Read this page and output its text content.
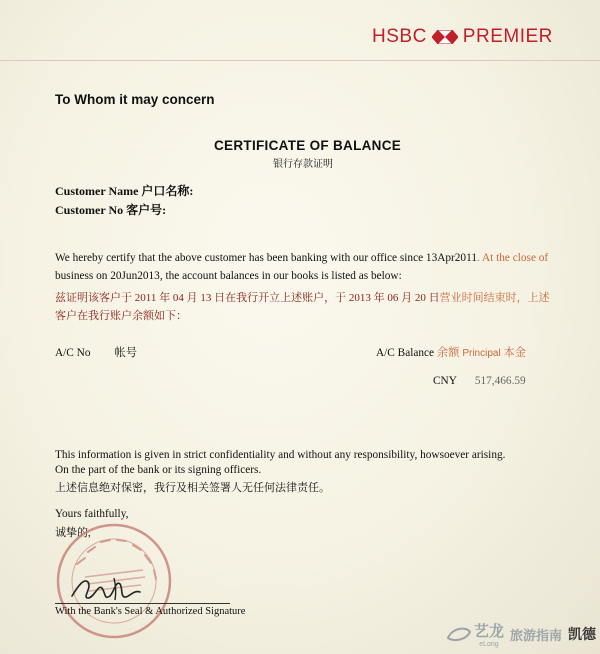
HSBC PREMIER
To Whom it may concern
CERTIFICATE OF BALANCE
银行存款证明
Customer Name 户口名称:
Customer No 客户号:
We hereby certify that the above customer has been banking with our office since 13Apr2011. At the close of
business on 20Jun2013, the account balances in our books is listed as below:
兹证明该客户于 2011 年 04 月 13 日在我行开立上述账户，于 2013 年 06 月 20 日营业时间结束时，上述
客户在我行账户余额如下：
A/C No 帐号	A/C Balance 余额 Principal 本金
CNY 517,466.59
This information is given in strict confidentiality and without any responsibility, howsoever arising.
On the part of the bank or its signing officers.
上述信息绝对保密，我行及相关签署人无任何法律责任。
Yours faithfully,
诚挚的,
With the Bank's Seal & Authorized Signature
艺龙
eLong
旅游指南 凯德
